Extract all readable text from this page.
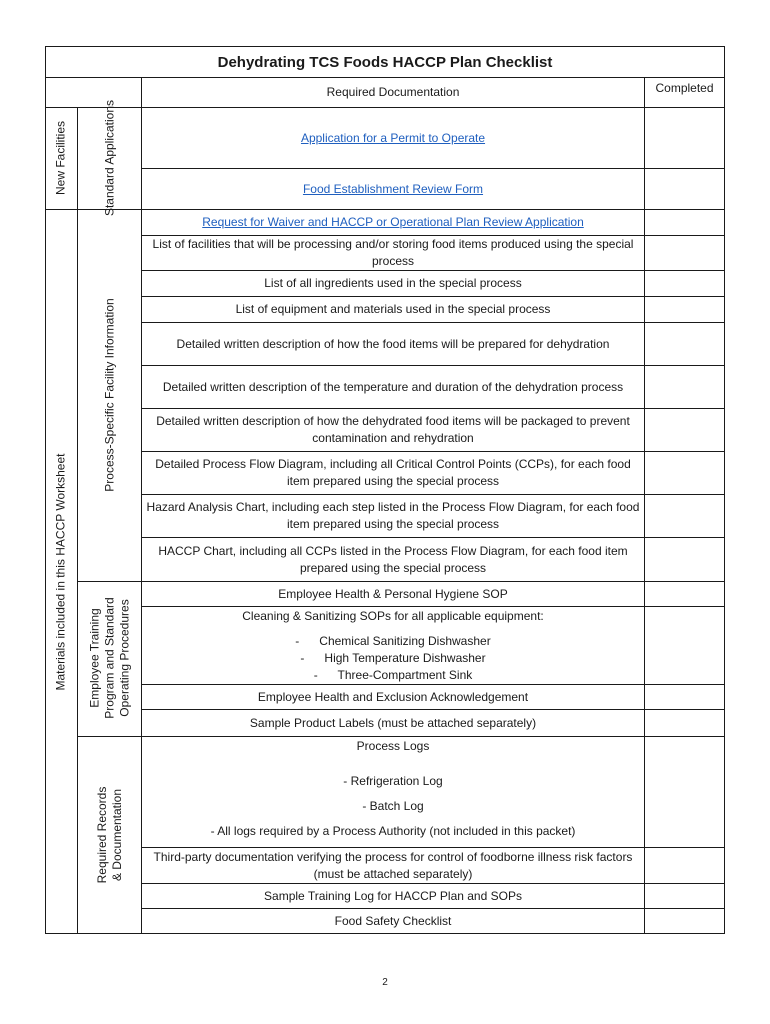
Dehydrating TCS Foods HACCP Plan Checklist
Required Documentation	Completed
New Facilities	Standard Applications
Materials included in this HACCP Worksheet
Process-Specific Facility Information
Employee Training Program and Standard Operating Procedures
Required Records & Documentation
Application for a Permit to Operate
Food Establishment Review Form
Request for Waiver and HACCP or Operational Plan Review Application
List of facilities that will be processing and/or storing food items produced using the special process
List of all ingredients used in the special process
List of equipment and materials used in the special process
Detailed written description of how the food items will be prepared for dehydration
Detailed written description of the temperature and duration of the dehydration process
Detailed written description of how the dehydrated food items will be packaged to prevent contamination and rehydration
Detailed Process Flow Diagram, including all Critical Control Points (CCPs), for each food item prepared using the special process
Hazard Analysis Chart, including each step listed in the Process Flow Diagram, for each food item prepared using the special process
HACCP Chart, including all CCPs listed in the Process Flow Diagram, for each food item prepared using the special process
Employee Health & Personal Hygiene SOP
Cleaning & Sanitizing SOPs for all applicable equipment:
-      Chemical Sanitizing Dishwasher
-      High Temperature Dishwasher
-      Three-Compartment Sink
Employee Health and Exclusion Acknowledgement
Sample Product Labels (must be attached separately)
Process Logs
- Refrigeration Log
- Batch Log
- All logs required by a Process Authority (not included in this packet)
Third-party documentation verifying the process for control of foodborne illness risk factors (must be attached separately)
Sample Training Log for HACCP Plan and SOPs
Food Safety Checklist
2
